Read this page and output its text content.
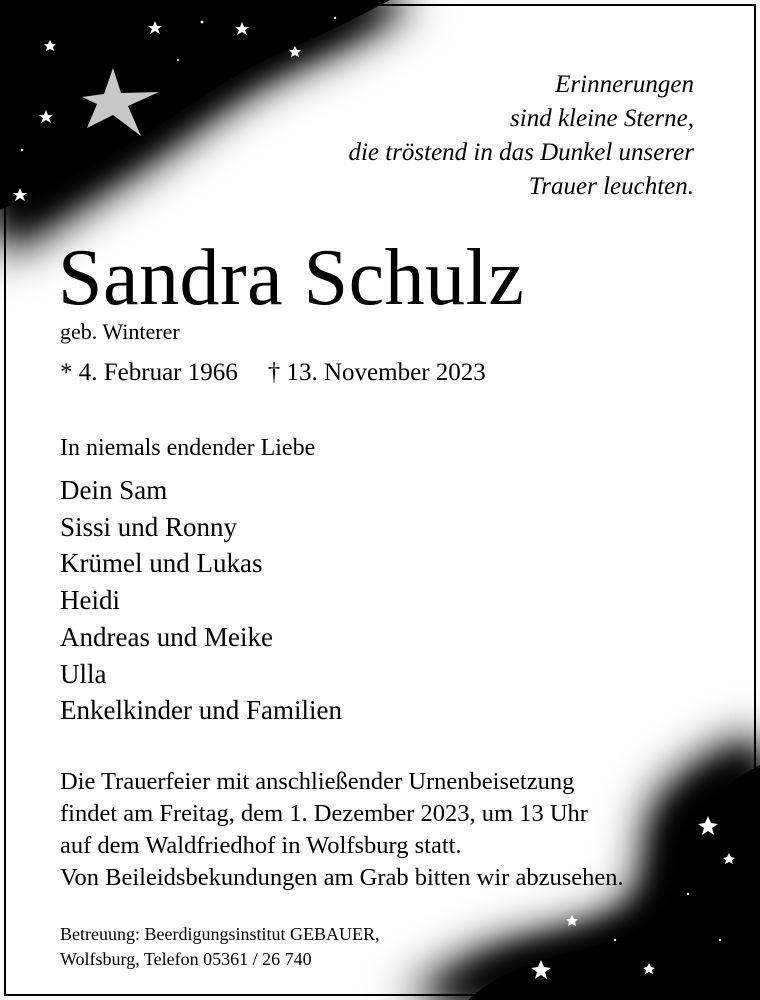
Erinnerungen
sind kleine Sterne,
die tröstend in das Dunkel unserer
Trauer leuchten.
Sandra Schulz
geb. Winterer
* 4. Februar 1966 † 13. November 2023
In niemals endender Liebe
Dein Sam
Sissi und Ronny
Krümel und Lukas
Heidi
Andreas und Meike
Ulla
Enkelkinder und Familien
Die Trauerfeier mit anschließender Urnenbeisetzung
findet am Freitag, dem 1. Dezember 2023, um 13 Uhr
auf dem Waldfriedhof in Wolfsburg statt.
Von Beileidsbekundungen am Grab bitten wir abzusehen.
Betreuung: Beerdigungsinstitut GEBAUER,
Wolfsburg, Telefon 05361 / 26 740
